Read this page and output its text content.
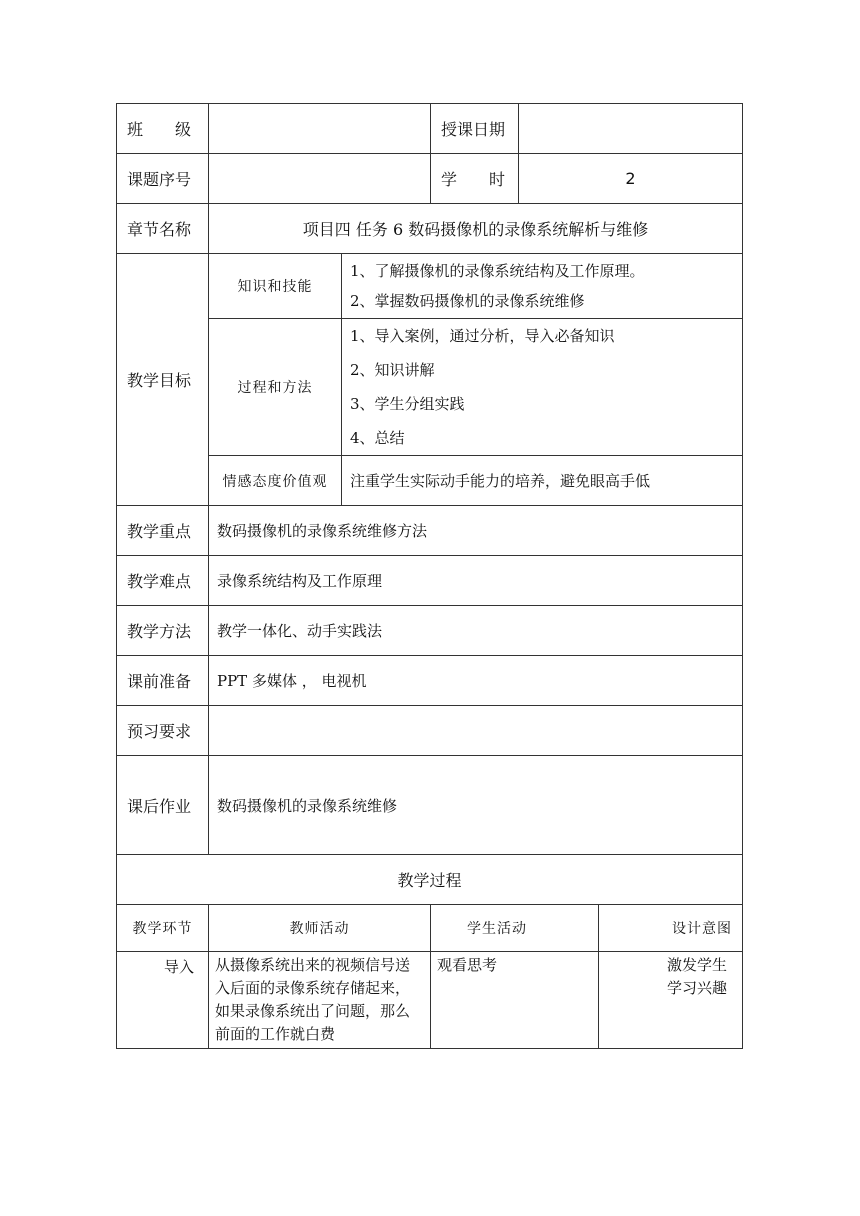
班　　级			授课日期		
课题序号			学　　时	2	
章节名称	项目四 任务 6 数码摄像机的录像系统解析与维修				
教学目标	知识和技能	1、了解摄像机的录像系统结构及工作原理。
2、掌握数码摄像机的录像系统维修			

	过程和方法	1、导入案例，通过分析，导入必备知识
2、知识讲解
3、学生分组实践
4、总结			

	情感态度价值观	注重学生实际动手能力的培养，避免眼高手低			
教学重点	数码摄像机的录像系统维修方法				
教学难点	录像系统结构及工作原理				
教学方法	教学一体化、动手实践法				
课前准备	PPT 多媒体 ， 电视机				
预习要求					
课后作业	数码摄像机的录像系统维修				
教学过程					
教学环节	教师活动		学生活动		设计意图
导入	从摄像系统出来的视频信号送入后面的录像系统存储起来，如果录像系统出了问题，那么前面的工作就白费		观看思考		激发学生学习兴趣
